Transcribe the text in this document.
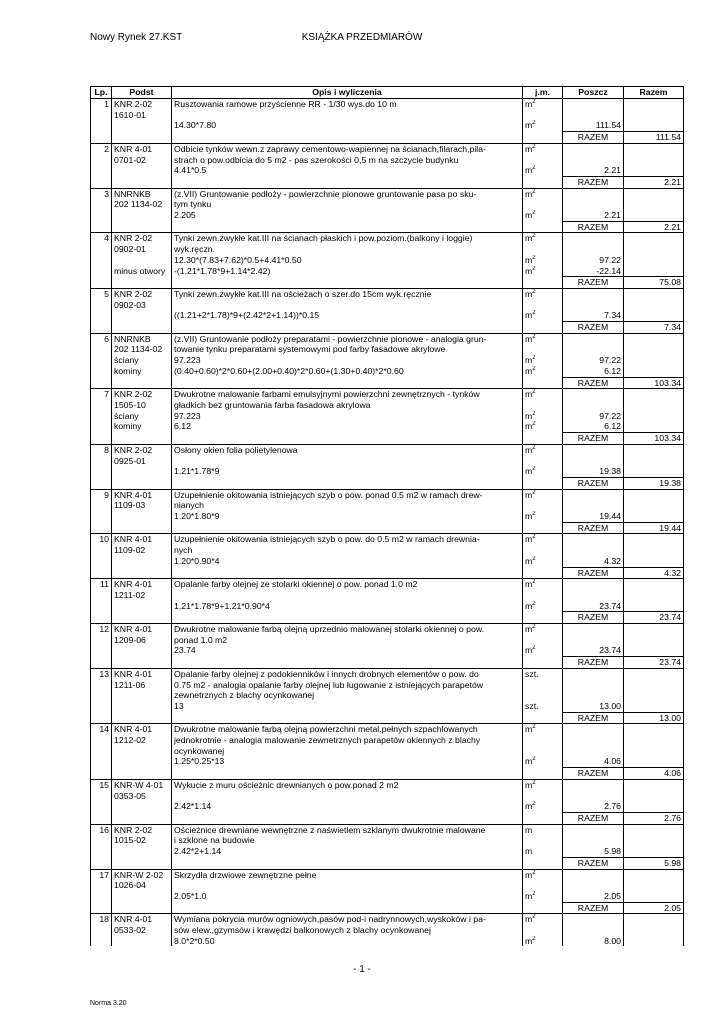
Nowy Rynek 27.KST	KSIĄŻKA PRZEDMIARÓW
Lp.	Podst	Opis i wyliczenia	j.m.	Poszcz	Razem
1	KNR 2-02	Rusztowania ramowe przyścienne RR - 1/30 wys.do 10 m	$m^2$		
	1610-01				
		14.30*7.80	$m^2$	111.54	
				RAZEM	111.54
2	KNR 4-01	Odbicie tynków wewn.z zaprawy cementowo-wapiennej na ścianach,filarach,pila-	$m^2$		
	0701-02	strach o pow.odbicia do 5 m2 - pas szerokości 0,5 m na szczycie budynku			
		4.41*0.5	$m^2$	2.21	
				RAZEM	2.21
3	NNRNKB	(z.VII) Gruntowanie podłoży - powierzchnie pionowe gruntowanie pasa po sku-	$m^2$		
	202 1134-02	tym tynku			
		2.205	$m^2$	2.21	
				RAZEM	2.21
4	KNR 2-02	Tynki zewn.zwykłe kat.III na ścianach płaskich i pow.poziom.(balkony i loggie)	$m^2$		
	0902-01	wyk.ręczn.			
		12.30*(7.83+7.62)*0.5+4.41*0.50	$m^2$	97.22	
	minus otwory	-(1.21*1.78*9+1.14*2.42)	$m^2$	-22.14	

				RAZEM	75.08
5	KNR 2-02	Tynki zewn.zwykłe kat.III na ościeżach o szer.do 15cm wyk.ręcznie	$m^2$		
	0902-03				
		((1.21+2*1.78)*9+(2.42*2+1.14))*0.15	$m^2$	7.34	
				RAZEM	7.34
6	NNRNKB	(z.VII) Gruntowanie podłoży preparatami - powierzchnie pionowe - analogia grun-	$m^2$		
	202 1134-02	towanie tynku preparatami systemowymi pod farby fasadowe akrylowe			
	ściany	97.223	$m^2$	97.22	
	kominy	(0.40+0.60)*2*0.60+(2.00+0.40)*2*0.60+(1.30+0.40)*2*0.60	$m^2$	6.12	
				RAZEM	103.34
7	KNR 2-02	Dwukrotne malowanie farbami emulsyjnymi powierzchni zewnętrznych - tynków	$m^2$		
	1505-10	gładkich bez gruntowania farba fasadowa akrylowa			
	ściany	97.223	$m^2$	97.22	
	kominy	6.12	$m^2$	6.12	

				RAZEM	103.34
8	KNR 2-02	Osłony okien folia polietylenowa	$m^2$		
	0925-01				
		1.21*1.78*9	$m^2$	19.38	
				RAZEM	19.38
9	KNR 4-01	Uzupełnienie okitowania istniejących szyb o pow. ponad 0.5 m2 w ramach drew-	$m^2$		
	1109-03	nianych			
		1.20*1.80*9	$m^2$	19.44	
				RAZEM	19.44
10	KNR 4-01	Uzupełnienie okitowania istniejących szyb o pow. do 0.5 m2 w ramach drewnia-	$m^2$		
	1109-02	nych			
		1.20*0.90*4	$m^2$	4.32	
				RAZEM	4.32
11	KNR 4-01	Opalanie farby olejnej ze stolarki okiennej o pow. ponad 1.0 m2	$m^2$		
	1211-02				
		1.21*1.78*9+1.21*0.90*4	$m^2$	23.74	
				RAZEM	23.74
12	KNR 4-01	Dwukrotne malowanie farbą olejną uprzednio malowanej stolarki okiennej o pow.	$m^2$		
	1209-06	ponad 1.0 m2			
		23.74	$m^2$	23.74	
				RAZEM	23.74
13	KNR 4-01	Opalanie farby olejnej z podokienników i innych drobnych elementów o pow. do	szt.		
	1211-06	0.75 m2 - analogia opalanie farby olejnej lub ługowanie z istniejących parapetów			
		zewnetrznych z blachy ocynkowanej			
		13	szt.	13.00	
				RAZEM	13.00
14	KNR 4-01	Dwukrotne malowanie farbą olejną powierzchni metal.pełnych szpachlowanych	$m^2$		
	1212-02	jednokrotnie - analogia malowanie zewnetrznych parapetów okiennych z blachy			
		ocynkowanej			
		1.25*0.25*13	$m^2$	4.06	
				RAZEM	4.06
15	KNR-W 4-01	Wykucie z muru ościeżnic drewnianych o pow.ponad 2 m2	$m^2$		
	0353-05				
		2.42*1.14	$m^2$	2.76	
				RAZEM	2.76
16	KNR 2-02	Ościeżnice drewniane wewnętrzne z naświetlem szklanym dwukrotnie malowane	m		
	1015-02	i szklone na budowie			
		2.42*2+1.14	m	5.98	
				RAZEM	5.98
17	KNR-W 2-02	Skrzydła drzwiowe zewnętrzne pełne	$m^2$		
	1026-04				
		2.05*1.0	$m^2$	2.05	
				RAZEM	2.05
18	KNR 4-01	Wymiana pokrycia murów ogniowych,pasów pod-i nadrynnowych,wyskoków i pa-	$m^2$		
	0533-02	sów elew.,gzymsów i krawędzi balkonowych z blachy ocynkowanej			
		8.0*2*0.50	$m^2$	8.00	
- 1 -
Norma 3.20
